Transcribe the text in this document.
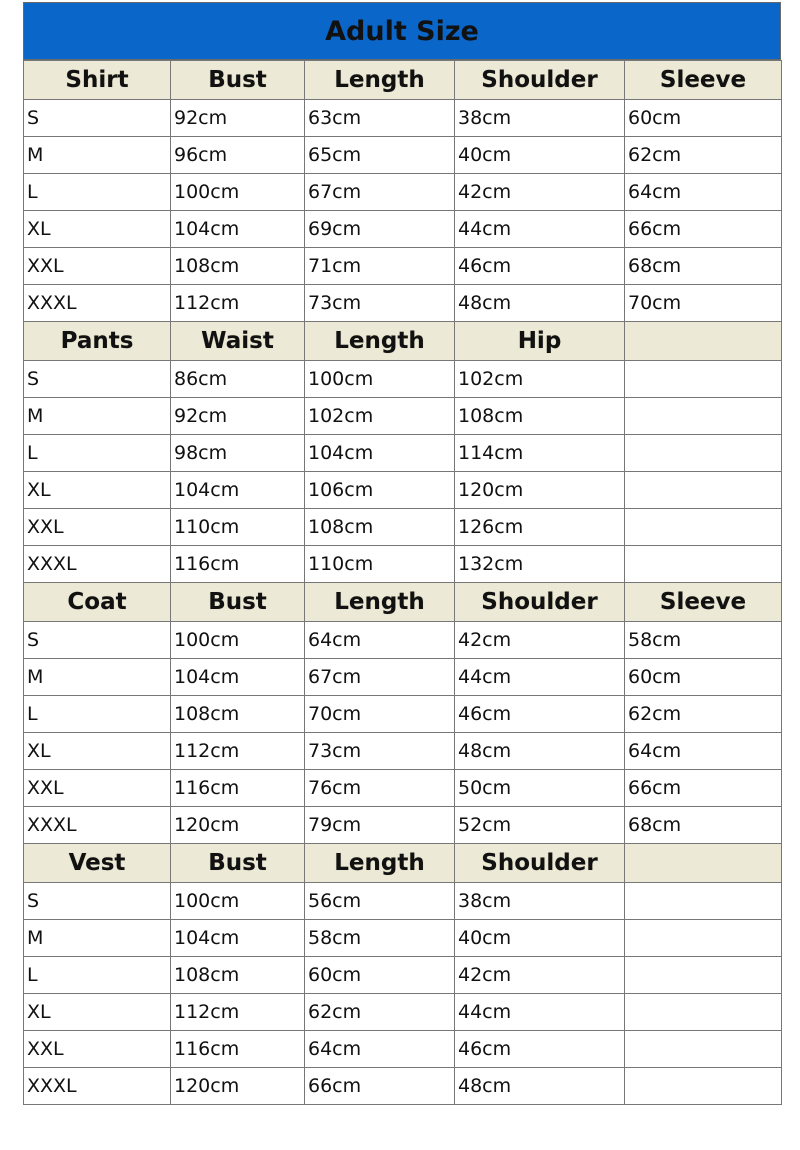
Adult Size
Shirt	Bust	Length	Shoulder	Sleeve
S	92cm	63cm	38cm	60cm
M	96cm	65cm	40cm	62cm
L	100cm	67cm	42cm	64cm
XL	104cm	69cm	44cm	66cm
XXL	108cm	71cm	46cm	68cm
XXXL	112cm	73cm	48cm	70cm
Pants	Waist	Length	Hip	
S	86cm	100cm	102cm	
M	92cm	102cm	108cm	
L	98cm	104cm	114cm	
XL	104cm	106cm	120cm	
XXL	110cm	108cm	126cm	
XXXL	116cm	110cm	132cm	
Coat	Bust	Length	Shoulder	Sleeve
S	100cm	64cm	42cm	58cm
M	104cm	67cm	44cm	60cm
L	108cm	70cm	46cm	62cm
XL	112cm	73cm	48cm	64cm
XXL	116cm	76cm	50cm	66cm
XXXL	120cm	79cm	52cm	68cm
Vest	Bust	Length	Shoulder	
S	100cm	56cm	38cm	
M	104cm	58cm	40cm	
L	108cm	60cm	42cm	
XL	112cm	62cm	44cm	
XXL	116cm	64cm	46cm	
XXXL	120cm	66cm	48cm	
